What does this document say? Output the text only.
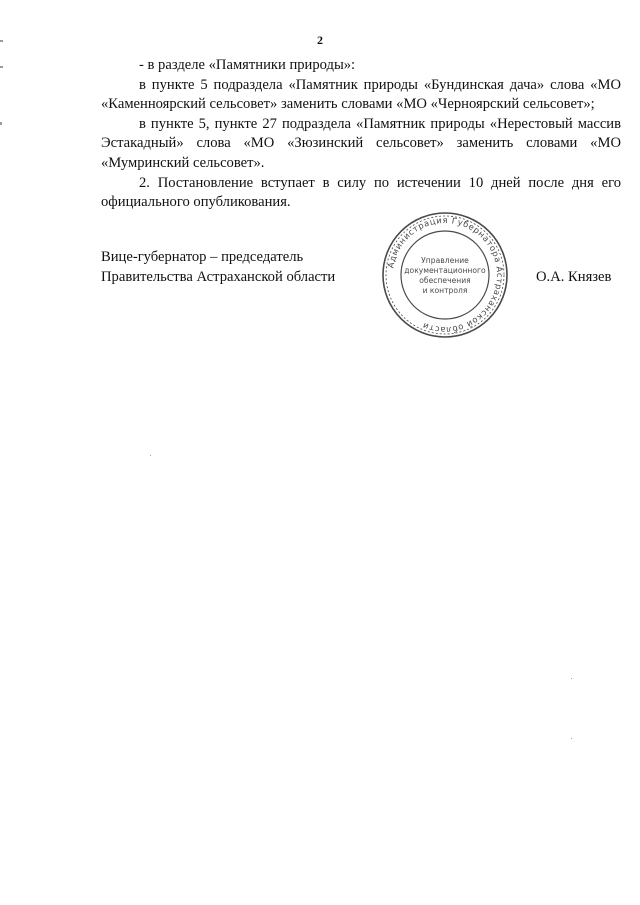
2

- в разделе «Памятники природы»:

в пункте 5 подраздела «Памятник природы «Бундинская дача» слова «МО «Каменноярский сельсовет» заменить словами «МО «Черноярский сельсовет»;

в пункте 5, пункте 27 подраздела «Памятник природы «Нерестовый массив Эстакадный» слова «МО «Зюзинский сельсовет» заменить словами «МО «Мумринский сельсовет».

2. Постановление вступает в силу по истечении 10 дней после дня его официального опубликования.

Вице-губернатор – председатель
Правительства Астраханской области
Администрация Губернатора Астраханской области
Управление
документационного
обеспечения
и контроля
О.А. Князев
